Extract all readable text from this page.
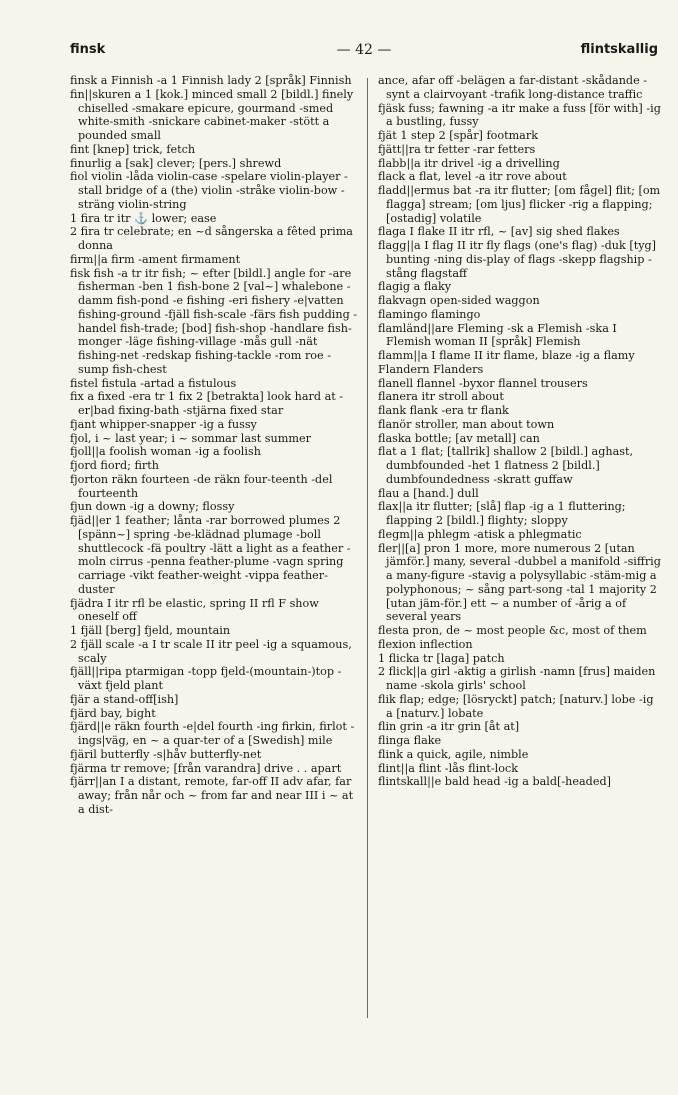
finsk	— 42 —	flintskallig

finsk a Finnish -a 1 Finnish lady 2 [språk] Finnish

fin||skuren a 1 [kok.] minced small 2 [bildl.] finely chiselled -smakare epicure, gourmand -smed white-smith -snickare cabinet-maker -stött a pounded small

fint [knep] trick, fetch

finurlig a [sak] clever; [pers.] shrewd

fiol violin -låda violin-case -spelare violin-player -stall bridge of a (the) violin -stråke violin-bow -sträng violin-string

1 fira tr itr ⚓ lower; ease

2 fira tr celebrate; en ~d sångerska a fêted prima donna

firm||a firm -ament firmament

fisk fish -a tr itr fish; ~ efter [bildl.] angle for -are fisherman -ben 1 fish-bone 2 [val~] whalebone -damm fish-pond -e fishing -eri fishery -e|vatten fishing-ground -fjäll fish-scale -färs fish pudding -handel fish-trade; [bod] fish-shop -handlare fish-monger -läge fishing-village -mås gull -nät fishing-net -redskap fishing-tackle -rom roe -sump fish-chest

fistel fistula -artad a fistulous

fix a fixed -era tr 1 fix 2 [betrakta] look hard at -er|bad fixing-bath -stjärna fixed star

fjant whipper-snapper -ig a fussy

fjol, i ~ last year; i ~ sommar last summer

fjoll||a foolish woman -ig a foolish

fjord fiord; firth

fjorton räkn fourteen -de räkn four-teenth -del fourteenth

fjun down -ig a downy; flossy

fjäd||er 1 feather; lånta -rar borrowed plumes 2 [spänn~] spring -be-klädnad plumage -boll shuttlecock -fä poultry -lätt a light as a feather -moln cirrus -penna feather-plume -vagn spring carriage -vikt feather-weight -vippa feather-duster

fjädra I itr rfl be elastic, spring II rfl F show oneself off

1 fjäll [berg] fjeld, mountain

2 fjäll scale -a I tr scale II itr peel -ig a squamous, scaly

fjäll||ripa ptarmigan -topp fjeld-(mountain-)top -växt fjeld plant

fjär a stand-off[ish]

fjärd bay, bight

fjärd||e räkn fourth -e|del fourth -ing firkin, firlot -ings|väg, en ~ a quar-ter of a [Swedish] mile

fjäril butterfly -s|håv butterfly-net

fjärma tr remove; [från varandra] drive . . apart

fjärr||an I a distant, remote, far-off II adv afar, far away; från når och ~ from far and near III i ~ at a dist-

ance, afar off -belägen a far-distant -skådande -synt a clairvoyant -trafik long-distance traffic

fjäsk fuss; fawning -a itr make a fuss [för with] -ig a bustling, fussy

fjät 1 step 2 [spår] footmark

fjätt||ra tr fetter -rar fetters

flabb||a itr drivel -ig a drivelling

flack a flat, level -a itr rove about

fladd||ermus bat -ra itr flutter; [om fågel] flit; [om flagga] stream; [om ljus] flicker -rig a flapping; [ostadig] volatile

flaga I flake II itr rfl, ~ [av] sig shed flakes

flagg||a I flag II itr fly flags (one's flag) -duk [tyg] bunting -ning dis-play of flags -skepp flagship -stång flagstaff

flagig a flaky

flakvagn open-sided waggon

flamingo flamingo

flamländ||are Fleming -sk a Flemish -ska I Flemish woman II [språk] Flemish

flamm||a I flame II itr flame, blaze -ig a flamy

Flandern Flanders

flanell flannel -byxor flannel trousers

flanera itr stroll about

flank flank -era tr flank

flanör stroller, man about town

flaska bottle; [av metall] can

flat a 1 flat; [tallrik] shallow 2 [bildl.] aghast, dumbfounded -het 1 flatness 2 [bildl.] dumbfoundedness -skratt guffaw

flau a [hand.] dull

flax||a itr flutter; [slå] flap -ig a 1 fluttering; flapping 2 [bildl.] flighty; sloppy

flegm||a phlegm -atisk a phlegmatic

fler||[a] pron 1 more, more numerous 2 [utan jämför.] many, several -dubbel a manifold -siffrig a many-figure -stavig a polysyllabic -stäm-mig a polyphonous; ~ sång part-song -tal 1 majority 2 [utan jäm-för.] ett ~ a number of -årig a of several years

flesta pron, de ~ most people &c, most of them

flexion inflection

1 flicka tr [laga] patch

2 flick||a girl -aktig a girlish -namn [frus] maiden name -skola girls' school

flik flap; edge; [lösryckt] patch; [naturv.] lobe -ig a [naturv.] lobate

flin grin -a itr grin [åt at]

flinga flake

flink a quick, agile, nimble

flint||a flint -lås flint-lock

flintskall||e bald head -ig a bald[-headed]
